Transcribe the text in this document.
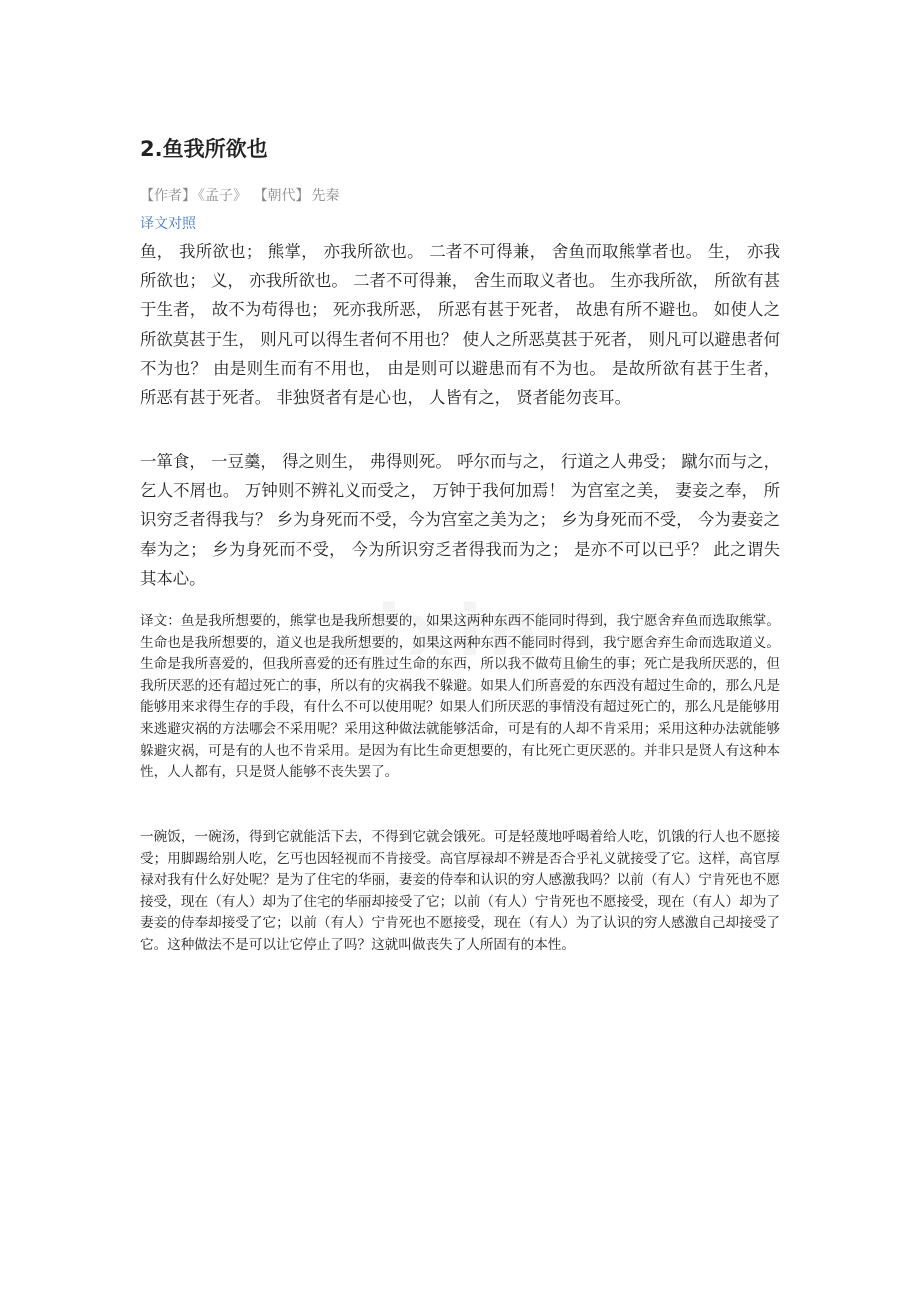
2.鱼我所欲也
【作者】 《孟子》 【朝代】 先秦
译文对照

鱼， 我所欲也； 熊掌， 亦我所欲也。 二者不可得兼， 舍鱼而取熊掌者也。 生， 亦我所欲也； 义， 亦我所欲也。 二者不可得兼， 舍生而取义者也。 生亦我所欲， 所欲有甚于生者， 故不为苟得也； 死亦我所恶， 所恶有甚于死者， 故患有所不避也。 如使人之所欲莫甚于生， 则凡可以得生者何不用也？ 使人之所恶莫甚于死者， 则凡可以避患者何不为也？ 由是则生而有不用也， 由是则可以避患而有不为也。 是故所欲有甚于生者， 所恶有甚于死者。 非独贤者有是心也， 人皆有之， 贤者能勿丧耳。

一箪食， 一豆羹， 得之则生， 弗得则死。 呼尔而与之， 行道之人弗受； 蹴尔而与之， 乞人不屑也。 万钟则不辨礼义而受之， 万钟于我何加焉！ 为宫室之美， 妻妾之奉， 所识穷乏者得我与？ 乡为身死而不受，今为宫室之美为之； 乡为身死而不受， 今为妻妾之奉为之； 乡为身死而不受， 今为所识穷乏者得我而为之； 是亦不可以已乎？ 此之谓失其本心。

译文：鱼是我所想要的，熊掌也是我所想要的，如果这两种东西不能同时得到，我宁愿舍弃鱼而选取熊掌。生命也是我所想要的，道义也是我所想要的，如果这两种东西不能同时得到，我宁愿舍弃生命而选取道义。生命是我所喜爱的，但我所喜爱的还有胜过生命的东西，所以我不做苟且偷生的事；死亡是我所厌恶的，但我所厌恶的还有超过死亡的事，所以有的灾祸我不躲避。如果人们所喜爱的东西没有超过生命的，那么凡是能够用来求得生存的手段，有什么不可以使用呢？如果人们所厌恶的事情没有超过死亡的，那么凡是能够用来逃避灾祸的方法哪会不采用呢？采用这种做法就能够活命，可是有的人却不肯采用；采用这种办法就能够躲避灾祸，可是有的人也不肯采用。是因为有比生命更想要的，有比死亡更厌恶的。并非只是贤人有这种本性，人人都有，只是贤人能够不丧失罢了。

一碗饭，一碗汤，得到它就能活下去，不得到它就会饿死。可是轻蔑地呼喝着给人吃，饥饿的行人也不愿接受；用脚踢给别人吃，乞丐也因轻视而不肯接受。高官厚禄却不辨是否合乎礼义就接受了它。这样，高官厚禄对我有什么好处呢？是为了住宅的华丽，妻妾的侍奉和认识的穷人感激我吗？以前（有人）宁肯死也不愿接受，现在（有人）却为了住宅的华丽却接受了它；以前（有人）宁肯死也不愿接受，现在（有人）却为了妻妾的侍奉却接受了它；以前（有人）宁肯死也不愿接受，现在（有人）为了认识的穷人感激自己却接受了它。这种做法不是可以让它停止了吗？这就叫做丧失了人所固有的本性。
